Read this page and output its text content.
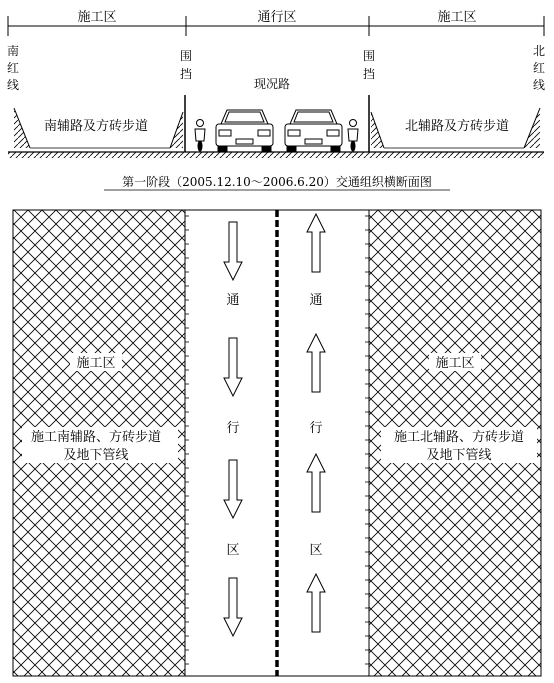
施工区	通行区	施工区
南
红
线
北
红
线
围
挡
围
挡
现况路
南辅路及方砖步道	北辅路及方砖步道
第一阶段（2005.12.10～2006.6.20）交通组织横断面图
施工区
施工南辅路、方砖步道
及地下管线
施工区
施工北辅路、方砖步道
及地下管线
通
行
区
通
行
区
